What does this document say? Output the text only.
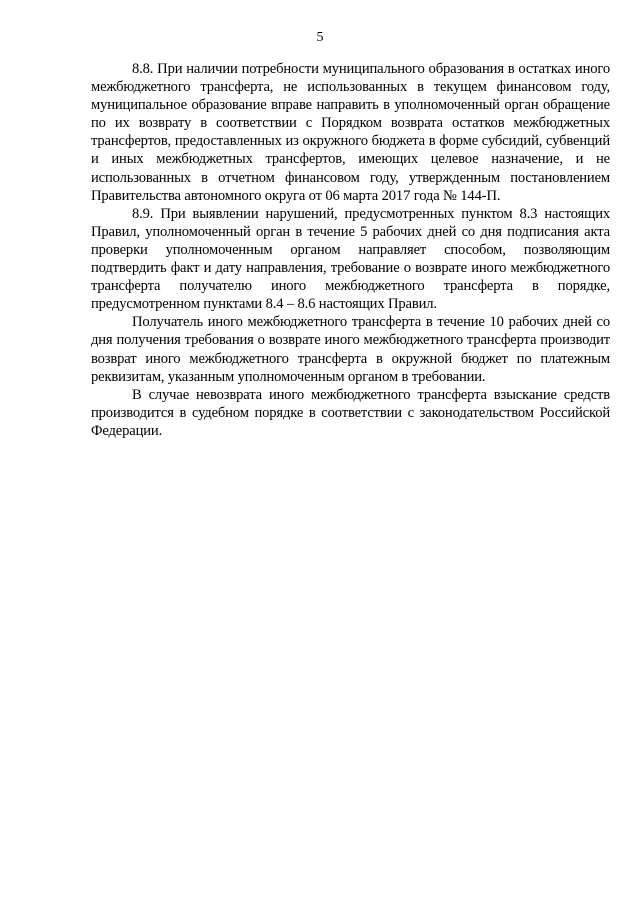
5

8.8. При наличии потребности муниципального образования в остатках иного межбюджетного трансферта, не использованных в текущем финансовом году, муниципальное образование вправе направить в уполномоченный орган обращение по их возврату в соответствии с Порядком возврата остатков межбюджетных трансфертов, предоставленных из окружного бюджета в форме субсидий, субвенций и иных межбюджетных трансфертов, имеющих целевое назначение, и не использованных в отчетном финансовом году, утвержденным постановлением Правительства автономного округа от 06 марта 2017 года № 144-П.

8.9. При выявлении нарушений, предусмотренных пунктом 8.3 настоящих Правил, уполномоченный орган в течение 5 рабочих дней со дня подписания акта проверки уполномоченным органом направляет способом, позволяющим подтвердить факт и дату направления, требование о возврате иного межбюджетного трансферта получателю иного межбюджетного трансферта в порядке, предусмотренном пунктами 8.4 – 8.6 настоящих Правил.

Получатель иного межбюджетного трансферта в течение 10 рабочих дней со дня получения требования о возврате иного межбюджетного трансферта производит возврат иного межбюджетного трансферта в окружной бюджет по платежным реквизитам, указанным уполномоченным органом в требовании.

В случае невозврата иного межбюджетного трансферта взыскание средств производится в судебном порядке в соответствии с законодательством Российской Федерации.
